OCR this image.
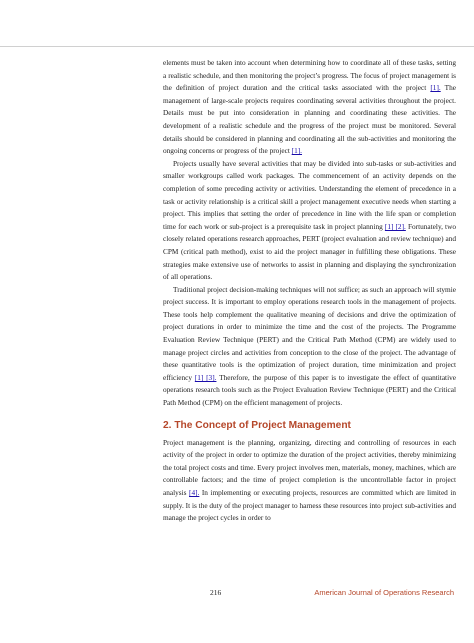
elements must be taken into account when determining how to coordinate all of these tasks, setting a realistic schedule, and then monitoring the project’s progress. The focus of project management is the definition of project duration and the critical tasks associated with the project [1]. The management of large-scale projects requires coordinating several activities throughout the project. Details must be put into consideration in planning and coordinating these activities. The development of a realistic schedule and the progress of the project must be monitored. Several details should be considered in planning and coordinating all the sub-activities and monitoring the ongoing concerns or progress of the project [1].

Projects usually have several activities that may be divided into sub-tasks or sub-activities and smaller workgroups called work packages. The commencement of an activity depends on the completion of some preceding activity or activities. Understanding the element of precedence in a task or activity relationship is a critical skill a project management executive needs when starting a project. This implies that setting the order of precedence in line with the life span or completion time for each work or sub-project is a prerequisite task in project planning [1] [2]. Fortunately, two closely related operations research approaches, PERT (project evaluation and review technique) and CPM (critical path method), exist to aid the project manager in fulfilling these obligations. These strategies make extensive use of networks to assist in planning and displaying the synchronization of all operations.

Traditional project decision-making techniques will not suffice; as such an approach will stymie project success. It is important to employ operations research tools in the management of projects. These tools help complement the qualitative meaning of decisions and drive the optimization of project durations in order to minimize the time and the cost of the projects. The Programme Evaluation Review Technique (PERT) and the Critical Path Method (CPM) are widely used to manage project circles and activities from conception to the close of the project. The advantage of these quantitative tools is the optimization of project duration, time minimization and project efficiency [1] [3]. Therefore, the purpose of this paper is to investigate the effect of quantitative operations research tools such as the Project Evaluation Review Technique (PERT) and the Critical Path Method (CPM) on the efficient management of projects.

2. The Concept of Project Management

Project management is the planning, organizing, directing and controlling of resources in each activity of the project in order to optimize the duration of the project activities, thereby minimizing the total project costs and time. Every project involves men, materials, money, machines, which are controllable factors; and the time of project completion is the uncontrollable factor in project analysis [4]. In implementing or executing projects, resources are committed which are limited in supply. It is the duty of the project manager to harness these resources into project sub-activities and manage the project cycles in order to

216	American Journal of Operations Research
